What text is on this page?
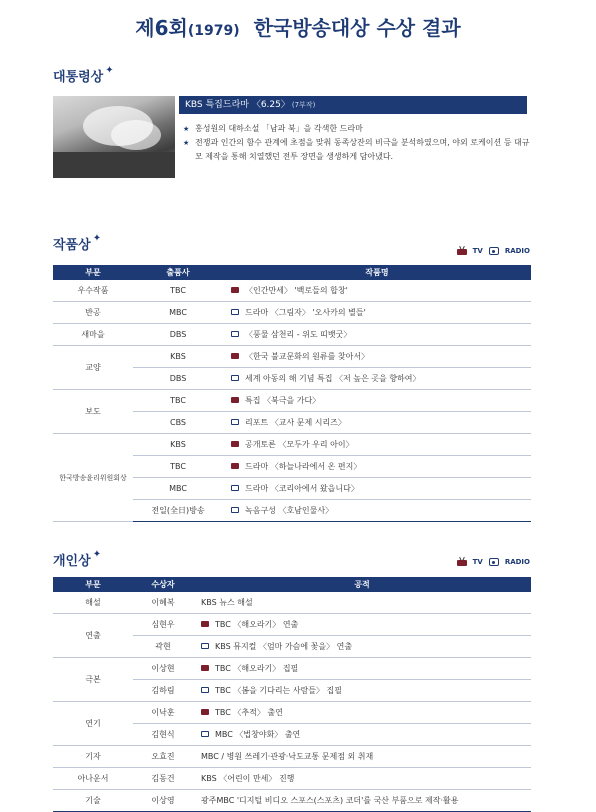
제6회(1979) 한국방송대상 수상 결과
대통령상 ✦
KBS 특집드라마 〈6.25〉 (7부작)
★ 홍성원의 대하소설 「남과 북」을 각색한 드라마
★ 전쟁과 인간의 함수 관계에 초점을 맞춰 동족상잔의 비극을 분석하였으며, 야외 로케이션 등 대규모 제작을 통해 치열했던 전투 장면을 생생하게 담아냈다.
작품상 ✦
TV	RADIO
부문	출품사	작품명
우수작품	TBC	〈인간만세〉 '백로들의 합창'
반공	MBC	드라마 〈그림자〉 '오사카의 별들'
새마을	DBS	〈풍물 삼천리 - 위도 띠뱃굿〉
교양	KBS	〈한국 불교문화의 원류를 찾아서〉
	DBS	세계 아동의 해 기념 특집 〈저 높은 곳을 향하여〉
보도	TBC	특집 〈북극을 가다〉
	CBS	리포트 〈교사 문제 시리즈〉
한국방송윤리위원회상	KBS	공개토론 〈모두가 우리 아이〉
	TBC	드라마 〈하늘나라에서 온 편지〉
	MBC	드라마 〈코리아에서 왔읍니다〉
	전일(全日)방송	녹음구성 〈호남인물사〉
개인상 ✦
TV	RADIO
부문	수상자	공적
해설	이혜복	KBS 뉴스 해설
연출	심현우	TBC 〈해오라기〉 연출
	곽현	KBS 뮤지컬 〈엄마 가슴에 꽃을〉 연출
극본	이상현	TBC 〈해오라기〉 집필
	김하림	TBC 〈봄을 기다리는 사람들〉 집필
연기	이낙훈	TBC 〈추적〉 출연
	김현식	MBC 〈법창야화〉 출연
기자	오효진	MBC / 병원 쓰레기·관광·낙도교통 문제점 외 취재
아나운서	김동건	KBS 〈어린이 만세〉 진행
기술	이상영	광주MBC '디지털 비디오 스포스(스포츠) 코더'를 국산 부품으로 제작·활용
